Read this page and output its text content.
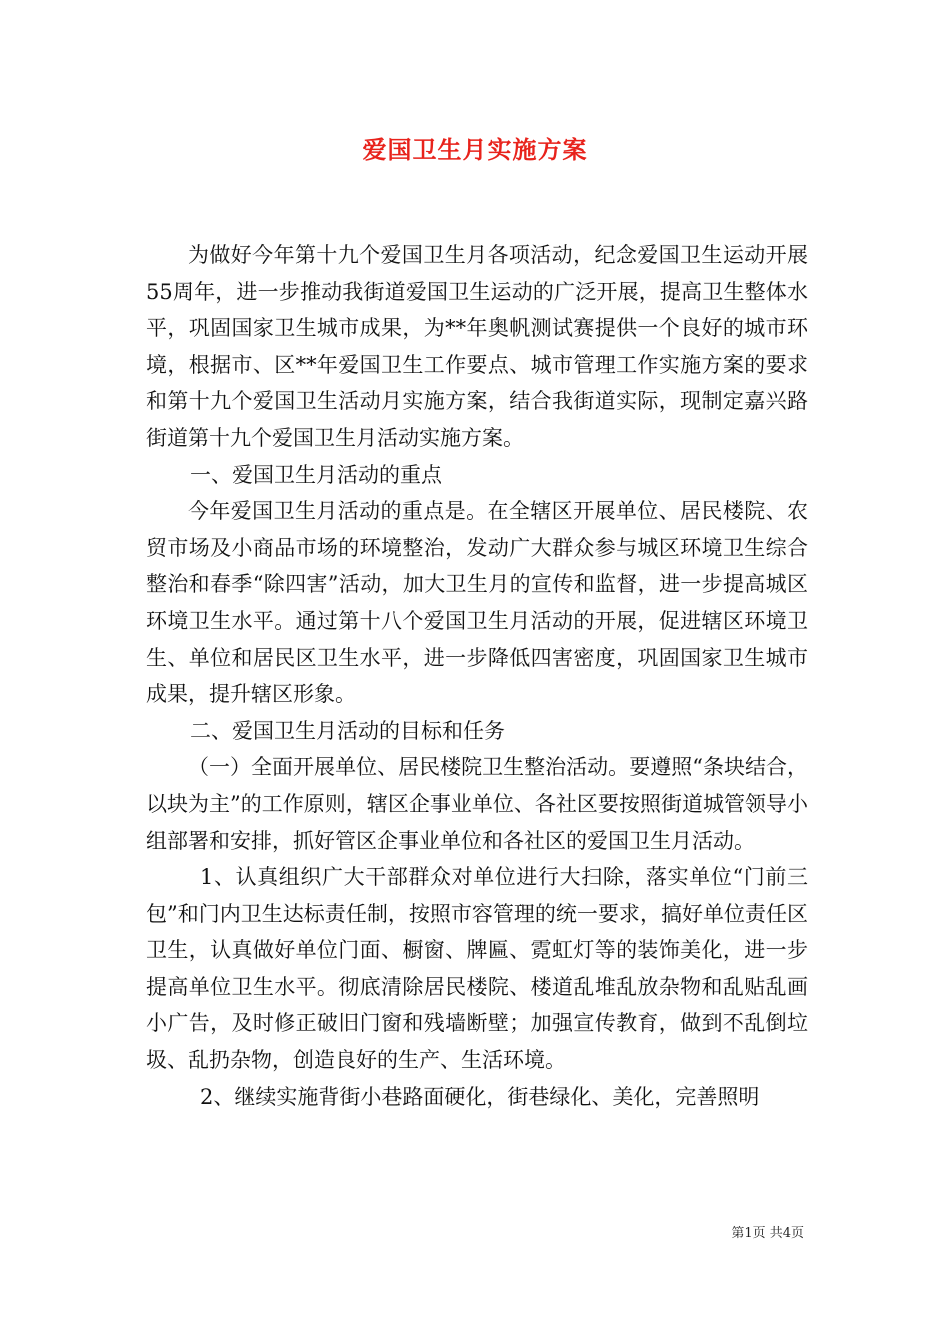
爱国卫生月实施方案

为做好今年第十九个爱国卫生月各项活动，纪念爱国卫生运动开展55周年，进一步推动我街道爱国卫生运动的广泛开展，提高卫生整体水平，巩固国家卫生城市成果，为**年奥帆测试赛提供一个良好的城市环境，根据市、区**年爱国卫生工作要点、城市管理工作实施方案的要求和第十九个爱国卫生活动月实施方案，结合我街道实际，现制定嘉兴路街道第十九个爱国卫生月活动实施方案。

一、爱国卫生月活动的重点

今年爱国卫生月活动的重点是。在全辖区开展单位、居民楼院、农贸市场及小商品市场的环境整治，发动广大群众参与城区环境卫生综合整治和春季“除四害”活动，加大卫生月的宣传和监督，进一步提高城区环境卫生水平。通过第十八个爱国卫生月活动的开展，促进辖区环境卫生、单位和居民区卫生水平，进一步降低四害密度，巩固国家卫生城市成果，提升辖区形象。

二、爱国卫生月活动的目标和任务

（一）全面开展单位、居民楼院卫生整治活动。要遵照“条块结合，以块为主”的工作原则，辖区企事业单位、各社区要按照街道城管领导小组部署和安排，抓好管区企事业单位和各社区的爱国卫生月活动。

1、认真组织广大干部群众对单位进行大扫除，落实单位“门前三包”和门内卫生达标责任制，按照市容管理的统一要求，搞好单位责任区卫生，认真做好单位门面、橱窗、牌匾、霓虹灯等的装饰美化，进一步提高单位卫生水平。彻底清除居民楼院、楼道乱堆乱放杂物和乱贴乱画小广告，及时修正破旧门窗和残墙断壁；加强宣传教育，做到不乱倒垃圾、乱扔杂物，创造良好的生产、生活环境。

2、继续实施背街小巷路面硬化，街巷绿化、美化，完善照明

第1页 共4页
